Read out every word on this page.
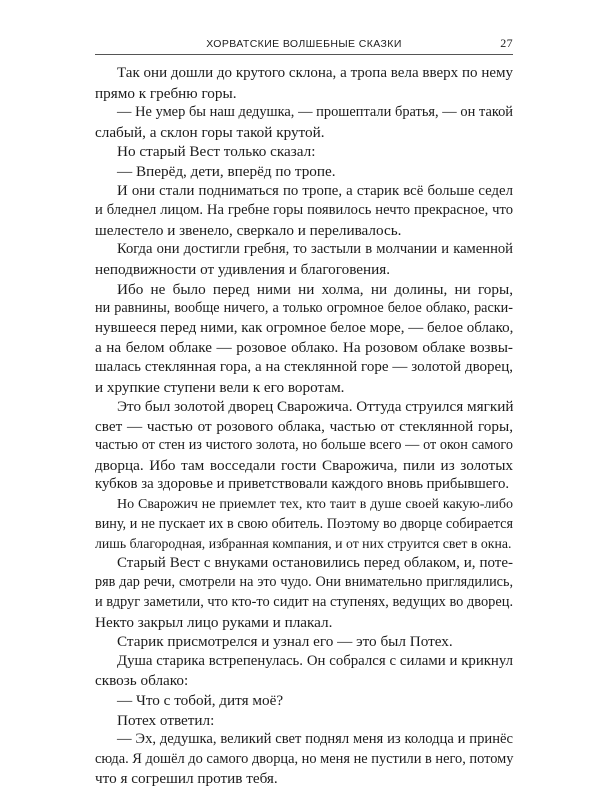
ХОРВАТСКИЕ ВОЛШЕБНЫЕ СКАЗКИ	27
Так они дошли до крутого склона, а тропа вела вверх по нему
прямо к гребню горы.
— Не умер бы наш дедушка, — прошептали братья, — он такой
слабый, а склон горы такой крутой.
Но старый Вест только сказал:
— Вперёд, дети, вперёд по тропе.
И они стали подниматься по тропе, а старик всё больше седел
и бледнел лицом. На гребне горы появилось нечто прекрасное, что
шелестело и звенело, сверкало и переливалось.
Когда они достигли гребня, то застыли в молчании и каменной
неподвижности от удивления и благоговения.
Ибо не было перед ними ни холма, ни долины, ни горы,
ни равнины, вообще ничего, а только огромное белое облако, раски-
нувшееся перед ними, как огромное белое море, — белое облако,
а на белом облаке — розовое облако. На розовом облаке возвы-
шалась стеклянная гора, а на стеклянной горе — золотой дворец,
и хрупкие ступени вели к его воротам.
Это был золотой дворец Сварожича. Оттуда струился мягкий
свет — частью от розового облака, частью от стеклянной горы,
частью от стен из чистого золота, но больше всего — от окон самого
дворца. Ибо там восседали гости Сварожича, пили из золотых
кубков за здоровье и приветствовали каждого вновь прибывшего.
Но Сварожич не приемлет тех, кто таит в душе своей какую-либо
вину, и не пускает их в свою обитель. Поэтому во дворце собирается
лишь благородная, избранная компания, и от них струится свет в окна.
Старый Вест с внуками остановились перед облаком, и, поте-
ряв дар речи, смотрели на это чудо. Они внимательно приглядились,
и вдруг заметили, что кто-то сидит на ступенях, ведущих во дворец.
Некто закрыл лицо руками и плакал.
Старик присмотрелся и узнал его — это был Потех.
Душа старика встрепенулась. Он собрался с силами и крикнул
сквозь облако:
— Что с тобой, дитя моё?
Потех ответил:
— Эх, дедушка, великий свет поднял меня из колодца и принёс
сюда. Я дошёл до самого дворца, но меня не пустили в него, потому
что я согрешил против тебя.
